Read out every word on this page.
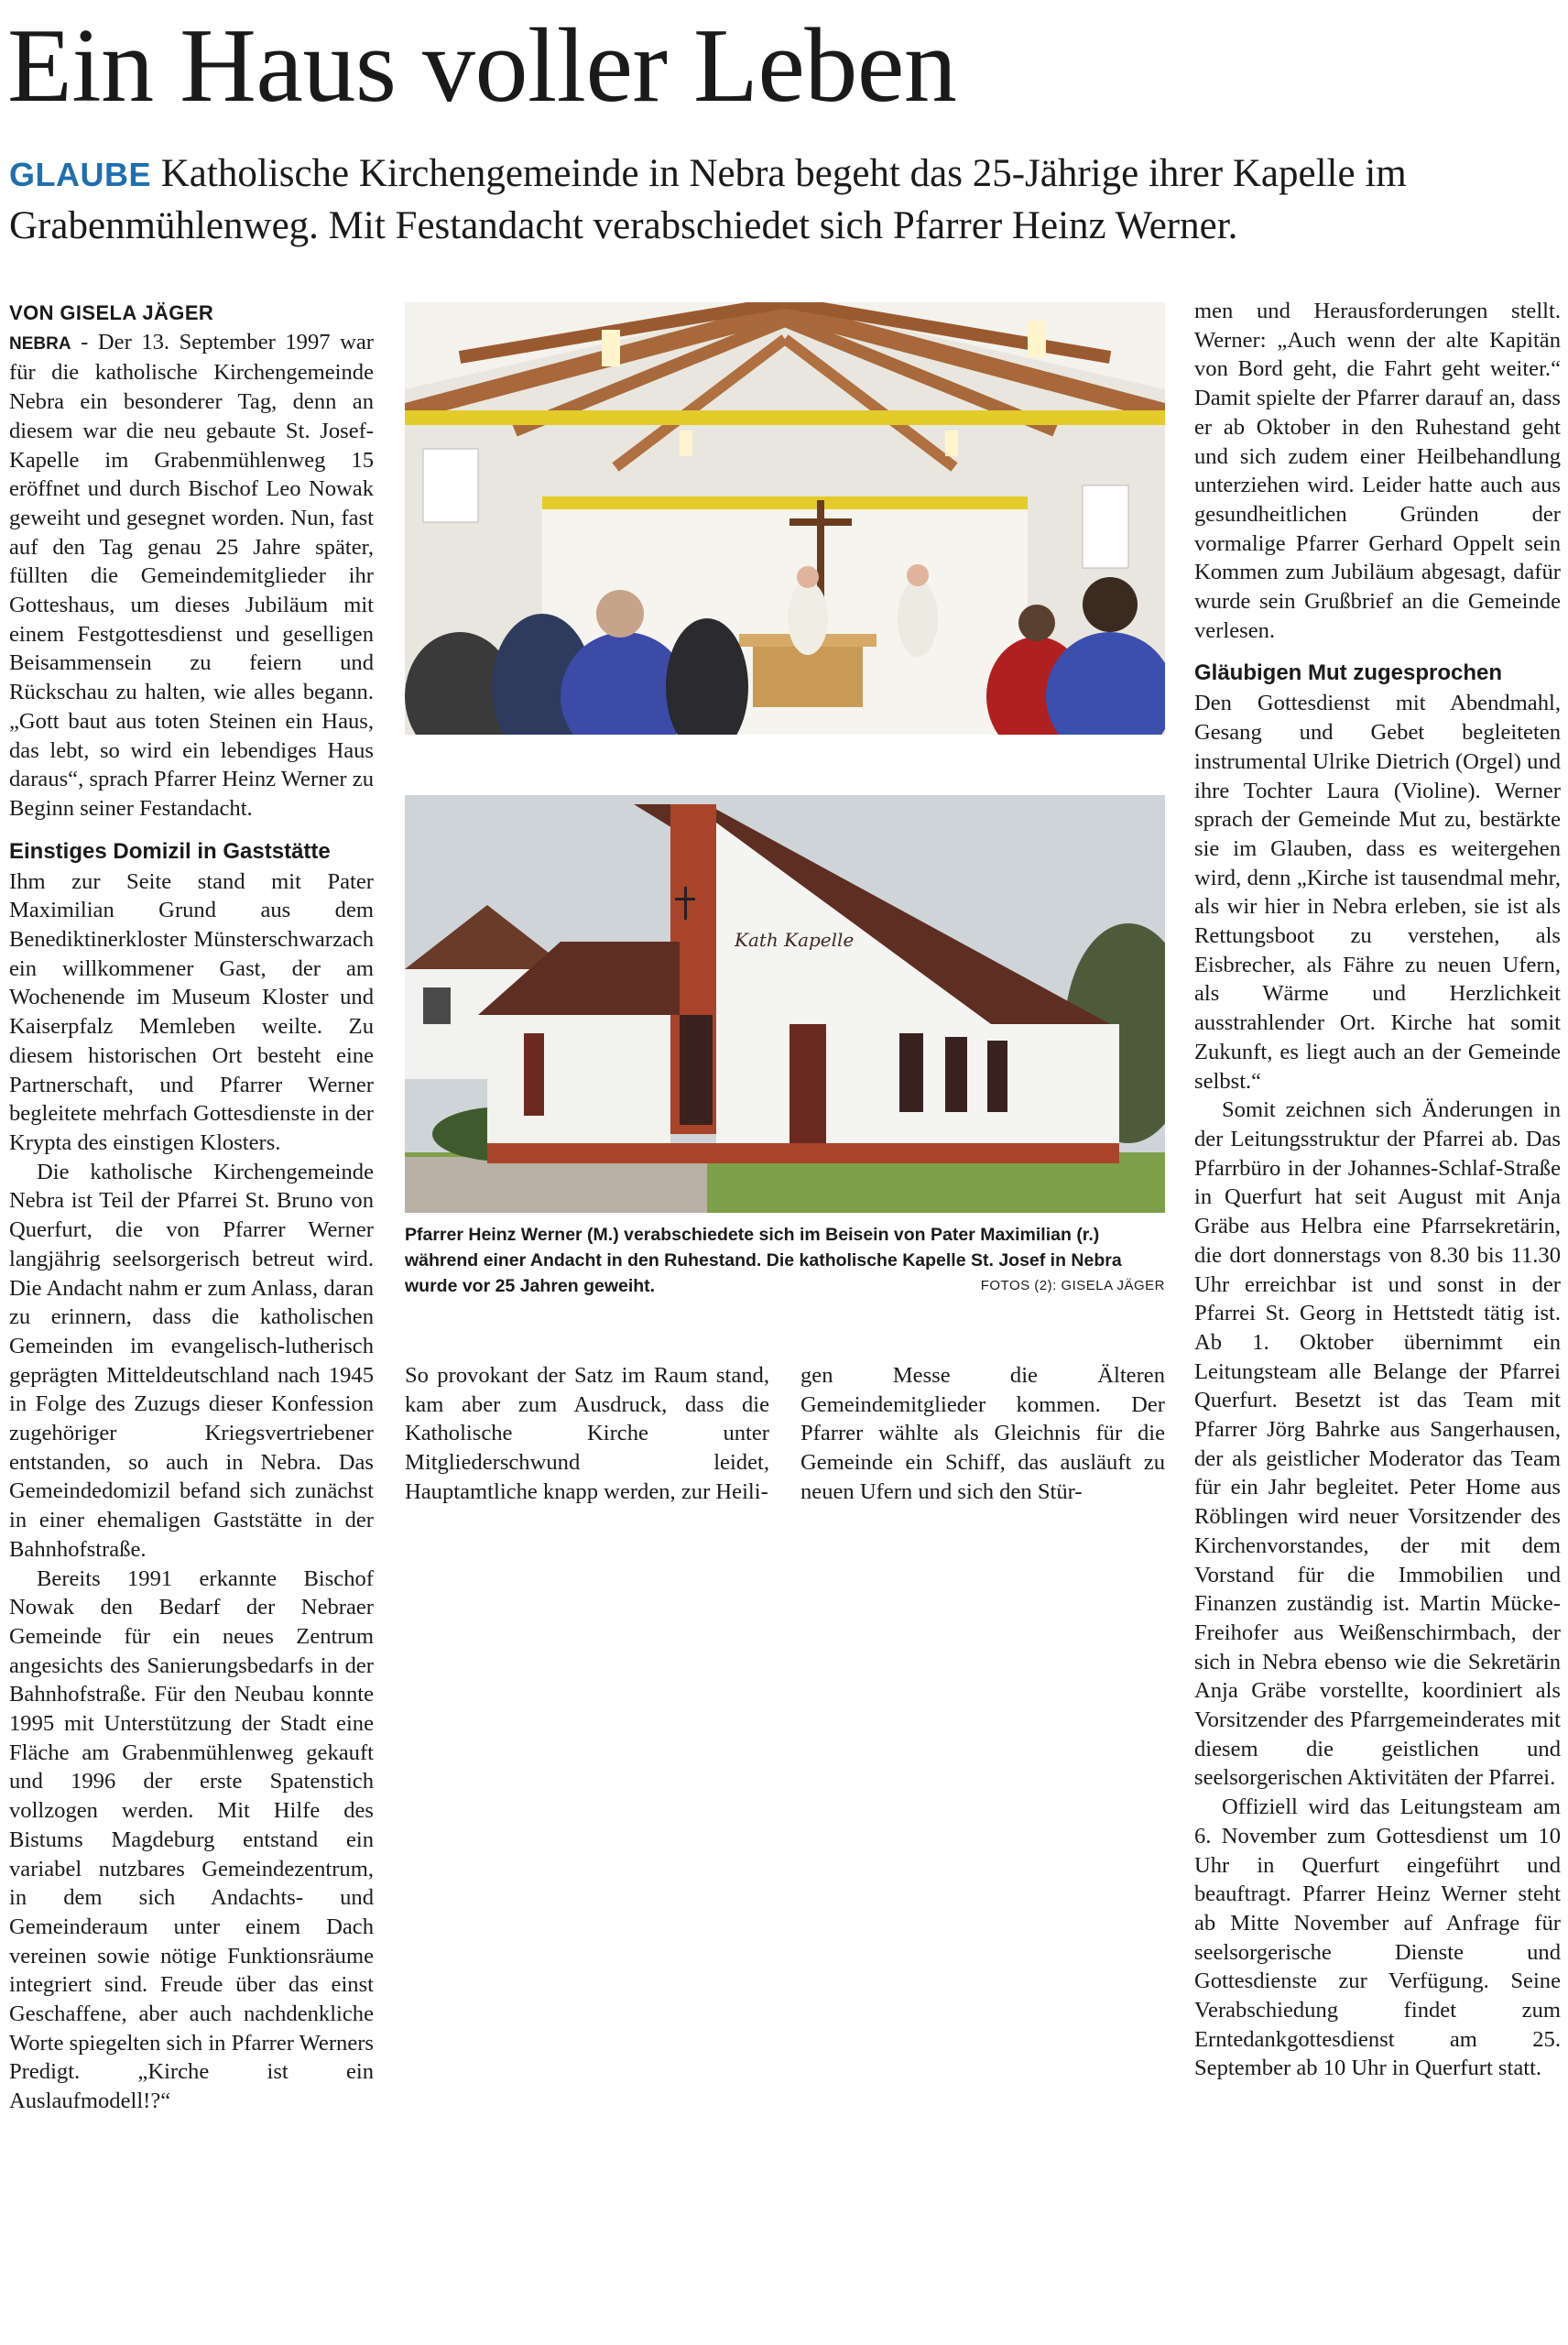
Ein Haus voller Leben

GLAUBE Katholische Kirchengemeinde in Nebra begeht das 25-Jährige ihrer Kapelle im Grabenmühlenweg. Mit Festandacht verabschiedet sich Pfarrer Heinz Werner.

VON GISELA JÄGER

NEBRA - Der 13. September 1997 war für die katholische Kirchengemeinde Nebra ein besonderer Tag, denn an diesem war die neu gebaute St. Josef-Kapelle im Grabenmühlenweg 15 eröffnet und durch Bischof Leo Nowak geweiht und gesegnet worden. Nun, fast auf den Tag genau 25 Jahre später, füllten die Gemeindemitglieder ihr Gotteshaus, um dieses Jubiläum mit einem Festgottesdienst und geselligen Beisammensein zu feiern und Rückschau zu halten, wie alles begann. „Gott baut aus toten Steinen ein Haus, das lebt, so wird ein lebendiges Haus daraus“, sprach Pfarrer Heinz Werner zu Beginn seiner Festandacht.

Einstiges Domizil in Gaststätte

Ihm zur Seite stand mit Pater Maximilian Grund aus dem Benediktinerkloster Münsterschwarzach ein willkommener Gast, der am Wochenende im Museum Kloster und Kaiserpfalz Memleben weilte. Zu diesem historischen Ort besteht eine Partnerschaft, und Pfarrer Werner begleitete mehrfach Gottesdienste in der Krypta des einstigen Klosters.

Die katholische Kirchengemeinde Nebra ist Teil der Pfarrei St. Bruno von Querfurt, die von Pfarrer Werner langjährig seelsorgerisch betreut wird. Die Andacht nahm er zum Anlass, daran zu erinnern, dass die katholischen Gemeinden im evangelisch-lutherisch geprägten Mitteldeutschland nach 1945 in Folge des Zuzugs dieser Konfession zugehöriger Kriegsvertriebener entstanden, so auch in Nebra. Das Gemeindedomizil befand sich zunächst in einer ehemaligen Gaststätte in der Bahnhofstraße.

Bereits 1991 erkannte Bischof Nowak den Bedarf der Nebraer Gemeinde für ein neues Zentrum angesichts des Sanierungsbedarfs in der Bahnhofstraße. Für den Neubau konnte 1995 mit Unterstützung der Stadt eine Fläche am Grabenmühlenweg gekauft und 1996 der erste Spatenstich vollzogen werden. Mit Hilfe des Bistums Magdeburg entstand ein variabel nutzbares Gemeindezentrum, in dem sich Andachts- und Gemeinderaum unter einem Dach vereinen sowie nötige Funktionsräume integriert sind. Freude über das einst Geschaffene, aber auch nachdenkliche Worte spiegelten sich in Pfarrer Werners Predigt. „Kirche ist ein Auslaufmodell!?“

Kath Kapelle
Pfarrer Heinz Werner (M.) verabschiedete sich im Beisein von Pater Maximilian (r.) während einer Andacht in den Ruhestand. Die katholische Kapelle St. Josef in Nebra wurde vor 25 Jahren geweiht.	FOTOS (2): GISELA JÄGER

So provokant der Satz im Raum stand, kam aber zum Ausdruck, dass die Katholische Kirche unter Mitgliederschwund leidet, Hauptamtliche knapp werden, zur Heili-

gen Messe die Älteren Gemeindemitglieder kommen. Der Pfarrer wählte als Gleichnis für die Gemeinde ein Schiff, das ausläuft zu neuen Ufern und sich den Stür-

men und Herausforderungen stellt. Werner: „Auch wenn der alte Kapitän von Bord geht, die Fahrt geht weiter.“ Damit spielte der Pfarrer darauf an, dass er ab Oktober in den Ruhestand geht und sich zudem einer Heilbehandlung unterziehen wird. Leider hatte auch aus gesundheitlichen Gründen der vormalige Pfarrer Gerhard Oppelt sein Kommen zum Jubiläum abgesagt, dafür wurde sein Grußbrief an die Gemeinde verlesen.

Gläubigen Mut zugesprochen

Den Gottesdienst mit Abendmahl, Gesang und Gebet begleiteten instrumental Ulrike Dietrich (Orgel) und ihre Tochter Laura (Violine). Werner sprach der Gemeinde Mut zu, bestärkte sie im Glauben, dass es weitergehen wird, denn „Kirche ist tausendmal mehr, als wir hier in Nebra erleben, sie ist als Rettungsboot zu verstehen, als Eisbrecher, als Fähre zu neuen Ufern, als Wärme und Herzlichkeit ausstrahlender Ort. Kirche hat somit Zukunft, es liegt auch an der Gemeinde selbst.“

Somit zeichnen sich Änderungen in der Leitungsstruktur der Pfarrei ab. Das Pfarrbüro in der Johannes-Schlaf-Straße in Querfurt hat seit August mit Anja Gräbe aus Helbra eine Pfarrsekretärin, die dort donnerstags von 8.30 bis 11.30 Uhr erreichbar ist und sonst in der Pfarrei St. Georg in Hettstedt tätig ist. Ab 1. Oktober übernimmt ein Leitungsteam alle Belange der Pfarrei Querfurt. Besetzt ist das Team mit Pfarrer Jörg Bahrke aus Sangerhausen, der als geistlicher Moderator das Team für ein Jahr begleitet. Peter Home aus Röblingen wird neuer Vorsitzender des Kirchenvorstandes, der mit dem Vorstand für die Immobilien und Finanzen zuständig ist. Martin Mücke-Freihofer aus Weißenschirmbach, der sich in Nebra ebenso wie die Sekretärin Anja Gräbe vorstellte, koordiniert als Vorsitzender des Pfarrgemeinderates mit diesem die geistlichen und seelsorgerischen Aktivitäten der Pfarrei.

Offiziell wird das Leitungsteam am 6. November zum Gottesdienst um 10 Uhr in Querfurt eingeführt und beauftragt. Pfarrer Heinz Werner steht ab Mitte November auf Anfrage für seelsorgerische Dienste und Gottesdienste zur Verfügung. Seine Verabschiedung findet zum Erntedankgottesdienst am 25. September ab 10 Uhr in Querfurt statt.
